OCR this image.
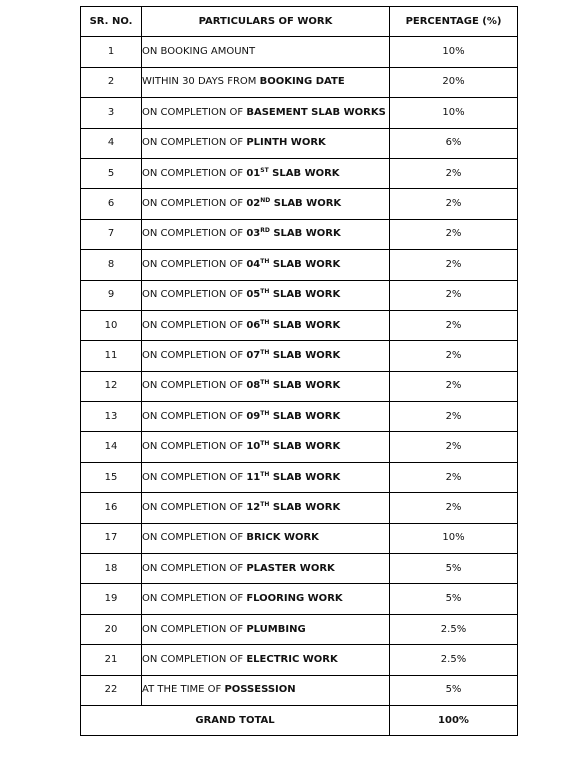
SR. NO.	PARTICULARS OF WORK	PERCENTAGE (%)
1	ON BOOKING AMOUNT	10%
2	WITHIN 30 DAYS FROM BOOKING DATE	20%
3	ON COMPLETION OF BASEMENT SLAB WORKS	10%
4	ON COMPLETION OF PLINTH WORK	6%
5	ON COMPLETION OF 01ST SLAB WORK	2%
6	ON COMPLETION OF 02ND SLAB WORK	2%
7	ON COMPLETION OF 03RD SLAB WORK	2%
8	ON COMPLETION OF 04TH SLAB WORK	2%
9	ON COMPLETION OF 05TH SLAB WORK	2%
10	ON COMPLETION OF 06TH SLAB WORK	2%
11	ON COMPLETION OF 07TH SLAB WORK	2%
12	ON COMPLETION OF 08TH SLAB WORK	2%
13	ON COMPLETION OF 09TH SLAB WORK	2%
14	ON COMPLETION OF 10TH SLAB WORK	2%
15	ON COMPLETION OF 11TH SLAB WORK	2%
16	ON COMPLETION OF 12TH SLAB WORK	2%
17	ON COMPLETION OF BRICK WORK	10%
18	ON COMPLETION OF PLASTER WORK	5%
19	ON COMPLETION OF FLOORING WORK	5%
20	ON COMPLETION OF PLUMBING	2.5%
21	ON COMPLETION OF ELECTRIC WORK	2.5%
22	AT THE TIME OF POSSESSION	5%
GRAND TOTAL		100%
